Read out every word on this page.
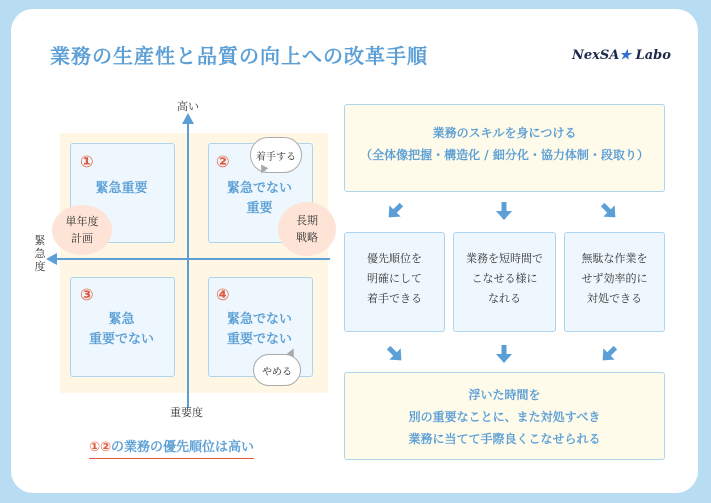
業務の生産性と品質の向上への改革手順	NexSA★ Labo
①
緊急重要
②
緊急でない
重要
③
緊急
重要でない
④
緊急でない
重要でない
高い
緊
急
度
重要度
単年度
計画
長期
戦略
着手する
やめる
①②の業務の優先順位は高い
業務のスキルを身につける
（全体像把握・構造化 / 細分化・協力体制・段取り）
優先順位を
明確にして
着手できる
業務を短時間で
こなせる様に
なれる
無駄な作業を
せず効率的に
対処できる
浮いた時間を
別の重要なことに、また対処すべき
業務に当てて手際良くこなせられる
